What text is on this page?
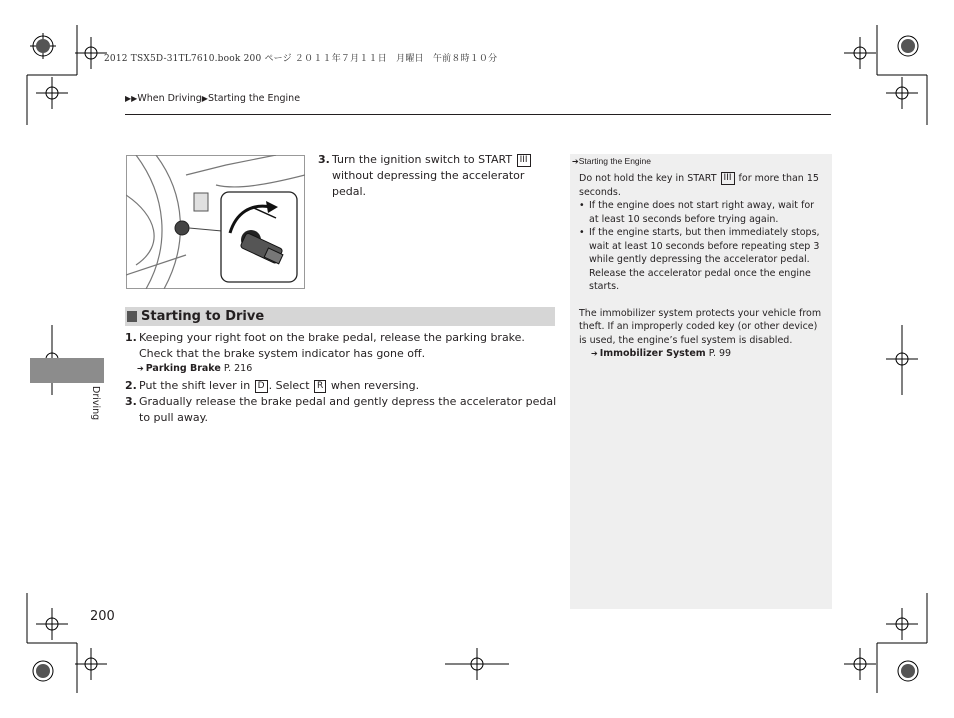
2012 TSX5D-31TL7610.book 200 ページ ２０１１年７月１１日　月曜日　午前８時１０分
▶▶When Driving▶Starting the Engine
Driving
3. Turn the ignition switch to START III
without depressing the accelerator pedal.
Starting to Drive
1. Keeping your right foot on the brake pedal, release the parking brake. Check that the brake system indicator has gone off.
➔ Parking Brake P. 216
2. Put the shift lever in D . Select R when reversing.
3. Gradually release the brake pedal and gently depress the accelerator pedal to pull away.
➔Starting the Engine

Do not hold the key in START III for more than 15 seconds.

• If the engine does not start right away, wait for at least 10 seconds before trying again.
• If the engine starts, but then immediately stops, wait at least 10 seconds before repeating step 3 while gently depressing the accelerator pedal. Release the accelerator pedal once the engine starts.

The immobilizer system protects your vehicle from theft. If an improperly coded key (or other device) is used, the engine’s fuel system is disabled.

➔ Immobilizer System P. 99
200
